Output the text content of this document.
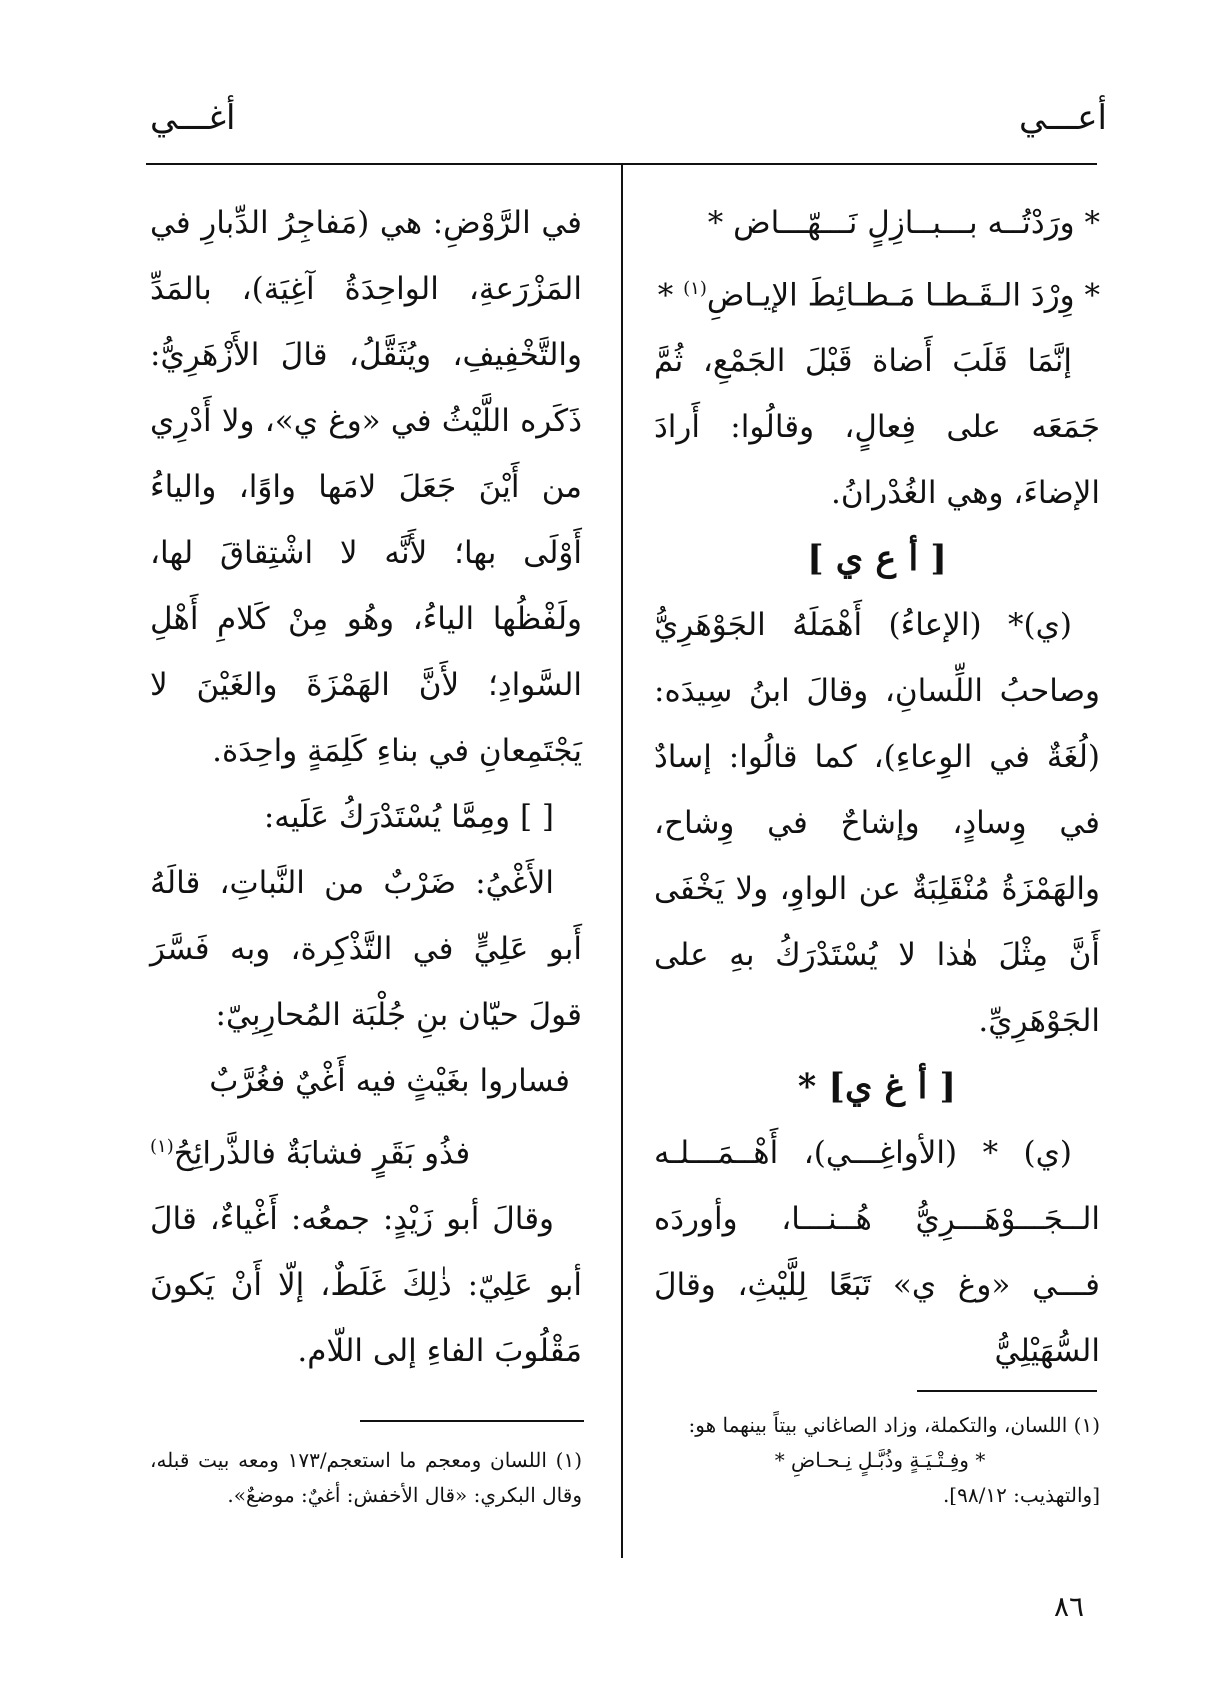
أعـــي
أغـــي

* ورَدْتُــه بـــبــازِلٍ نَـــهّـــاض *

* وِرْدَ الـقَـطـا مَـطـائِطَ الإيـاضِ$^{(١)}$ *

إنَّمَا قَلَبَ أَضاة قَبْلَ الجَمْعِ، ثُمَّ جَمَعَه على فِعالٍ، وقالُوا: أَرادَ الإضاءَ، وهي الغُدْرانُ.

[ أ ع ي ]

(ي)* (الإعاءُ) أَهْمَلَهُ الجَوْهَرِيُّ وصاحبُ اللِّسانِ، وقالَ ابنُ سِيدَه: (لُغَةٌ في الوِعاءِ)، كما قالُوا: إسادٌ في وِسادٍ، وإشاحٌ في وِشاح، والهَمْزَةُ مُنْقَلِبَةٌ عن الواوِ، ولا يَخْفَى أَنَّ مِثْلَ هٰذا لا يُسْتَدْرَكُ بهِ على الجَوْهَرِيِّ.

[ أ غ ي] *

(ي) * (الأواغِـــي)، أَهْــمَـــلـه الــجَـــوْهَـــرِيُّ هُــنـــا، وأوردَه فـــي «وغ ي» تَبَعًا لِلَّيْثِ، وقالَ السُّهَيْلِيُّ

في الرَّوْضِ: هي (مَفاجِرُ الدِّبارِ في المَزْرَعةِ، الواحِدَةُ آغِيَة)، بالمَدِّ والتَّخْفِيفِ، ويُثَقَّلُ، قالَ الأَزْهَرِيُّ: ذَكَره اللَّيْثُ في «وغ ي»، ولا أَدْرِي من أَيْنَ جَعَلَ لامَها واوًا، والياءُ أَوْلَى بها؛ لأَنَّه لا اشْتِقاقَ لها، ولَفْظُها الياءُ، وهُو مِنْ كَلامِ أَهْلِ السَّوادِ؛ لأَنَّ الهَمْزَةَ والغَيْنَ لا يَجْتَمِعانِ في بناءِ كَلِمَةٍ واحِدَة.

[ ] ومِمَّا يُسْتَدْرَكُ عَلَيه:

الأَغْيُ: ضَرْبٌ من النَّباتِ، قالَهُ أَبو عَلِيٍّ في التَّذْكِرة، وبه فَسَّرَ قولَ حيّان بنِ جُلْبَة المُحارِبِيّ:

فساروا بغَيْثٍ فيه أَغْيٌ فغُرَّبٌ

فذُو بَقَرٍ فشابَةٌ فالذَّرائِحُ$^{(١)}$

وقالَ أبو زَيْدٍ: جمعُه: أَغْياءٌ، قالَ أبو عَلِيّ: ذٰلِكَ غَلَطٌ، إلّا أَنْ يَكونَ مَقْلُوبَ الفاءِ إلى اللّام.

(١) اللسان، والتكملة، وزاد الصاغاني بيتاً بينهما هو:

* وفِـتْـيَـةٍ وذُبَّـلٍ نِـحـاضِ *

[والتهذيب: ٩٨/١٢].

(١) اللسان ومعجم ما استعجم/١٧٣ ومعه بيت قبله، وقال البكري: «قال الأخفش: أغيٌ: موضعٌ».

٨٦
